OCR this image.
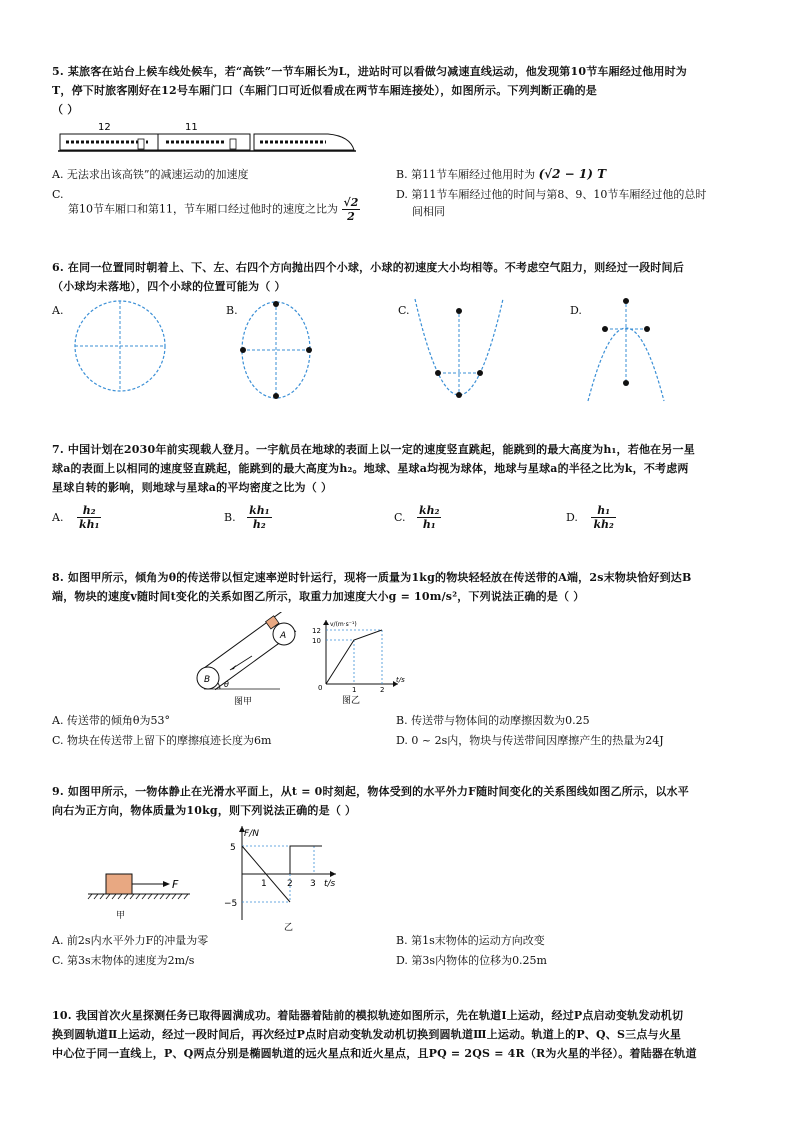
5. 某旅客在站台上候车线处候车，若“高铁”一节车厢长为L，进站时可以看做匀减速直线运动，他发现第10节车厢经过他用时为
T，停下时旅客刚好在12号车厢门口（车厢门口可近似看成在两节车厢连接处），如图所示。下列判断正确的是
（ ）
12	11
A. 无法求出该高铁”的减速运动的加速度	B. 第11节车厢经过他用时为 (√2 − 1) T
C.
第10节车厢口和第11，节车厢口经过他时的速度之比为 $\frac{√2}{2}$
D. 第11节车厢经过他的时间与第8、9、10节车厢经过他的总时
间相同
6. 在同一位置同时朝着上、下、左、右四个方向抛出四个小球，小球的初速度大小均相等。不考虑空气阻力，则经过一段时间后
（小球均未落地），四个小球的位置可能为（ ）
A.	B.	C.	D.
7. 中国计划在2030年前实现载人登月。一宇航员在地球的表面上以一定的速度竖直跳起，能跳到的最大高度为h₁，若他在另一星
球a的表面上以相同的速度竖直跳起，能跳到的最大高度为h₂。地球、星球a均视为球体，地球与星球a的半径之比为k，不考虑两
星球自转的影响，则地球与星球a的平均密度之比为（ ）
A. $\frac{\text{h₂}}{\text{kh₁}}$	B. $\frac{\text{kh₁}}{\text{h₂}}$	C. $\frac{\text{kh₂}}{\text{h₁}}$	D. $\frac{\text{h₁}}{\text{kh₂}}$
8. 如图甲所示，倾角为θ的传送带以恒定速率逆时针运行，现将一质量为1kg的物块轻轻放在传送带的A端，2s末物块恰好到达B
端，物块的速度v随时间t变化的关系如图乙所示，取重力加速度大小g = 10m/s²，下列说法正确的是（ ）
B
A
θ
图甲
v/(m·s⁻¹)
t/s
12
10
0	1	2
图乙
A. 传送带的倾角θ为53°	B. 传送带与物体间的动摩擦因数为0.25
C. 物块在传送带上留下的摩擦痕迹长度为6m	D. 0 ~ 2s内，物块与传送带间因摩擦产生的热量为24J
9. 如图甲所示，一物体静止在光滑水平面上，从t = 0时刻起，物体受到的水平外力F随时间变化的关系图线如图乙所示，以水平
向右为正方向，物体质量为10kg，则下列说法正确的是（ ）
F
甲
F/N
t/s
5
−5
1 2 3
乙
A. 前2s内水平外力F的冲量为零	B. 第1s末物体的运动方向改变
C. 第3s末物体的速度为2m/s	D. 第3s内物体的位移为0.25m
10. 我国首次火星探测任务已取得圆满成功。着陆器着陆前的模拟轨迹如图所示，先在轨道Ⅰ上运动，经过P点启动变轨发动机切
换到圆轨道Ⅱ上运动，经过一段时间后，再次经过P点时启动变轨发动机切换到圆轨道Ⅲ上运动。轨道上的P、Q、S三点与火星
中心位于同一直线上，P、Q两点分别是椭圆轨道的远火星点和近火星点，且PQ = 2QS = 4R（R为火星的半径）。着陆器在轨道
